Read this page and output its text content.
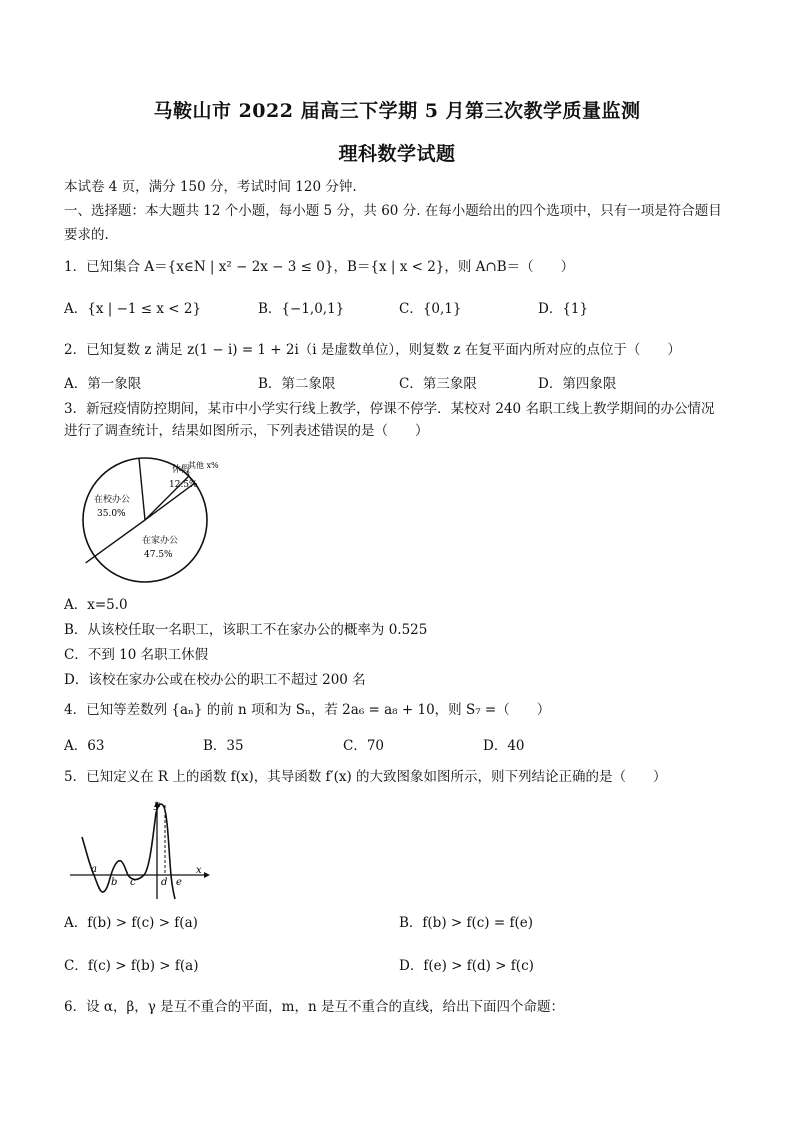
马鞍山市 2022 届高三下学期 5 月第三次教学质量监测
理科数学试题
本试卷 4 页，满分 150 分，考试时间 120 分钟.
一、选择题：本大题共 12 个小题，每小题 5 分，共 60 分. 在每小题给出的四个选项中，只有一项是符合题目
要求的.
1．已知集合 A＝{x∈N | x² − 2x − 3 ≤ 0}，B＝{x | x < 2}，则 A∩B＝（　　）
A．{x | −1 ≤ x < 2}	B．{−1,0,1}	C．{0,1}	D．{1}
2．已知复数 z 满足 z(1 − i) = 1 + 2i（i 是虚数单位），则复数 z 在复平面内所对应的点位于（　　）
A．第一象限	B．第二象限	C．第三象限	D．第四象限
3．新冠疫情防控期间，某市中小学实行线上教学，停课不停学．某校对 240 名职工线上教学期间的办公情况
进行了调查统计，结果如图所示，下列表述错误的是（　　）
休假
12.5%
其他 x%
在校办公
35.0%
在家办公
47.5%
A．x=5.0
B．从该校任取一名职工，该职工不在家办公的概率为 0.525
C．不到 10 名职工休假
D．该校在家办公或在校办公的职工不超过 200 名
4．已知等差数列 {aₙ} 的前 n 项和为 Sₙ，若 2a₆ = a₈ + 10，则 S₇ =（　　）
A．63	B．35	C．70	D．40
5．已知定义在 R 上的函数 f(x)，其导函数 f′(x) 的大致图象如图所示，则下列结论正确的是（　　）
y
x
a
b c	d e
A．f(b) > f(c) > f(a)	B．f(b) > f(c) = f(e)
C．f(c) > f(b) > f(a)	D．f(e) > f(d) > f(c)
6．设 α，β，γ 是互不重合的平面，m，n 是互不重合的直线，给出下面四个命题：
